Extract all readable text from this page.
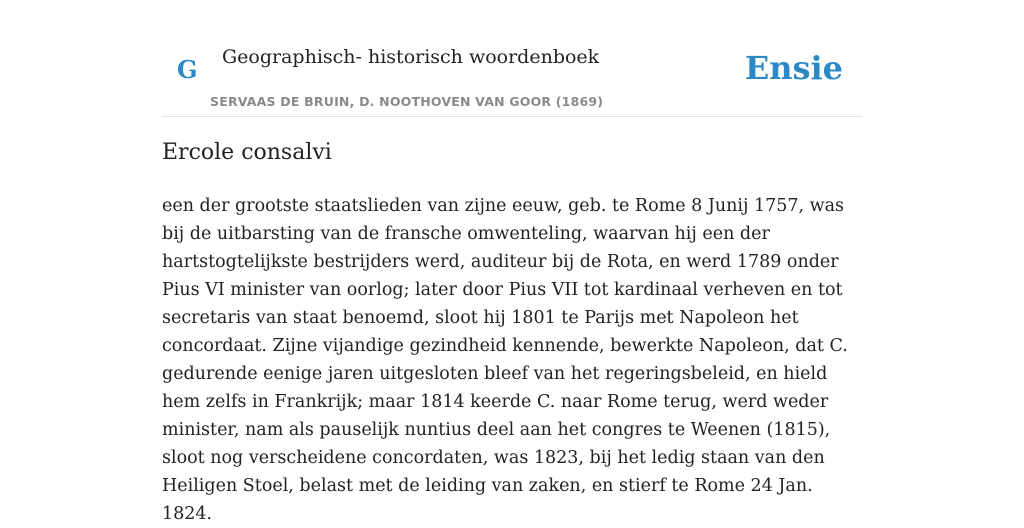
G Geographisch- historisch woordenboek
SERVAAS DE BRUIN, D. NOOTHOVEN VAN GOOR (1869)
Ensie
Ercole consalvi

een der grootste staatslieden van zijne eeuw, geb. te Rome 8 Junij 1757, was bij de uitbarsting van de fransche omwenteling, waarvan hij een der hartstogtelijkste bestrijders werd, auditeur bij de Rota, en werd 1789 onder Pius VI minister van oorlog; later door Pius VII tot kardinaal verheven en tot secretaris van staat benoemd, sloot hij 1801 te Parijs met Napoleon het concordaat. Zijne vijandige gezindheid kennende, bewerkte Napoleon, dat C. gedurende eenige jaren uitgesloten bleef van het regeringsbeleid, en hield hem zelfs in Frankrijk; maar 1814 keerde C. naar Rome terug, werd weder minister, nam als pauselijk nuntius deel aan het congres te Weenen (1815), sloot nog verscheidene concordaten, was 1823, bij het ledig staan van den Heiligen Stoel, belast met de leiding van zaken, en stierf te Rome 24 Jan. 1824.
